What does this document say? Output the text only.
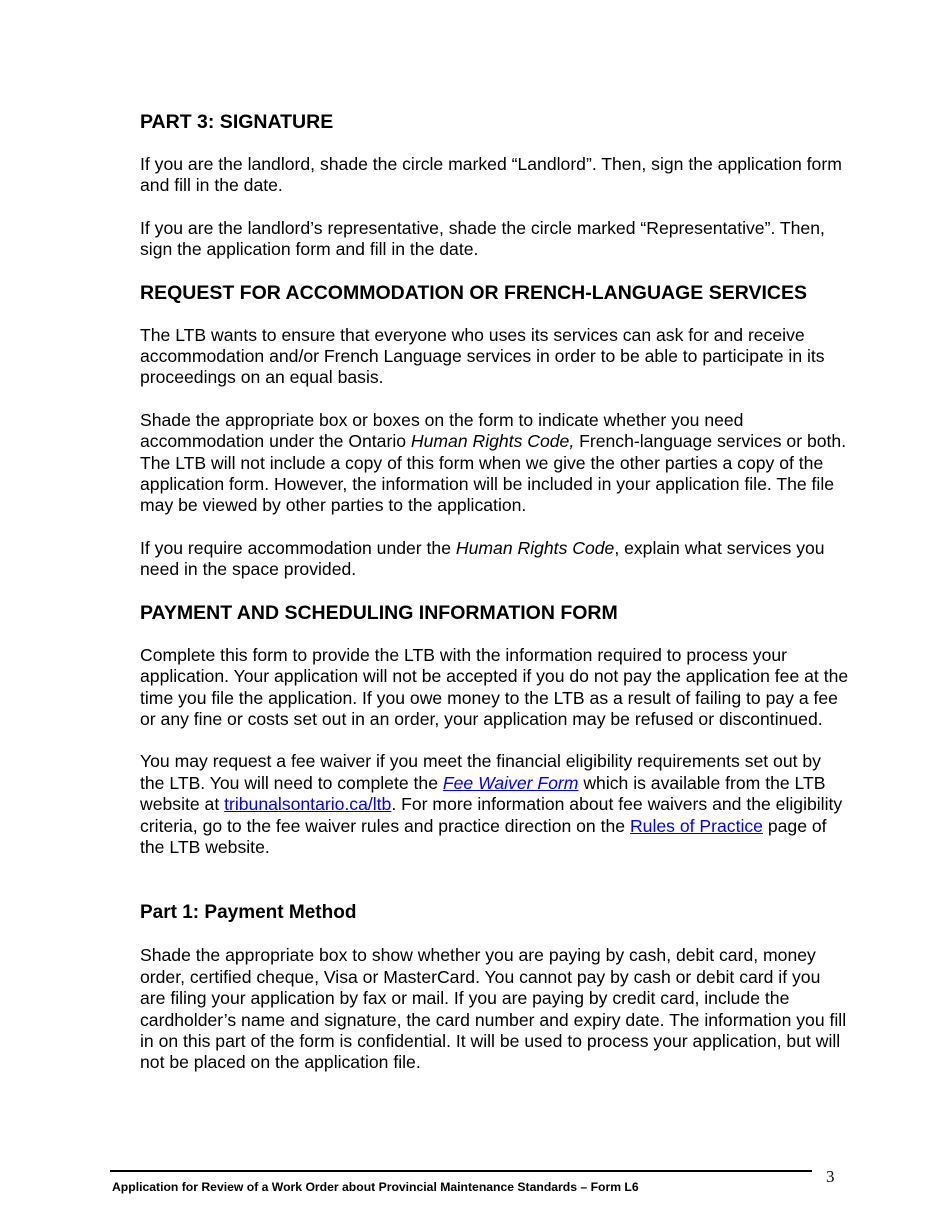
PART 3: SIGNATURE

If you are the landlord, shade the circle marked “Landlord”. Then, sign the application form and fill in the date.

If you are the landlord’s representative, shade the circle marked “Representative”. Then, sign the application form and fill in the date.

REQUEST FOR ACCOMMODATION OR FRENCH-LANGUAGE SERVICES

The LTB wants to ensure that everyone who uses its services can ask for and receive accommodation and/or French Language services in order to be able to participate in its proceedings on an equal basis.

Shade the appropriate box or boxes on the form to indicate whether you need accommodation under the Ontario Human Rights Code, French-language services or both. The LTB will not include a copy of this form when we give the other parties a copy of the application form. However, the information will be included in your application file. The file may be viewed by other parties to the application.

If you require accommodation under the Human Rights Code, explain what services you need in the space provided.

PAYMENT AND SCHEDULING INFORMATION FORM

Complete this form to provide the LTB with the information required to process your application. Your application will not be accepted if you do not pay the application fee at the time you file the application. If you owe money to the LTB as a result of failing to pay a fee or any fine or costs set out in an order, your application may be refused or discontinued.

You may request a fee waiver if you meet the financial eligibility requirements set out by the LTB. You will need to complete the Fee Waiver Form which is available from the LTB website at tribunalsontario.ca/ltb. For more information about fee waivers and the eligibility criteria, go to the fee waiver rules and practice direction on the Rules of Practice page of the LTB website.

Part 1: Payment Method

Shade the appropriate box to show whether you are paying by cash, debit card, money order, certified cheque, Visa or MasterCard. You cannot pay by cash or debit card if you are filing your application by fax or mail. If you are paying by credit card, include the cardholder’s name and signature, the card number and expiry date. The information you fill in on this part of the form is confidential. It will be used to process your application, but will not be placed on the application file.

Application for Review of a Work Order about Provincial Maintenance Standards – Form L6
3
